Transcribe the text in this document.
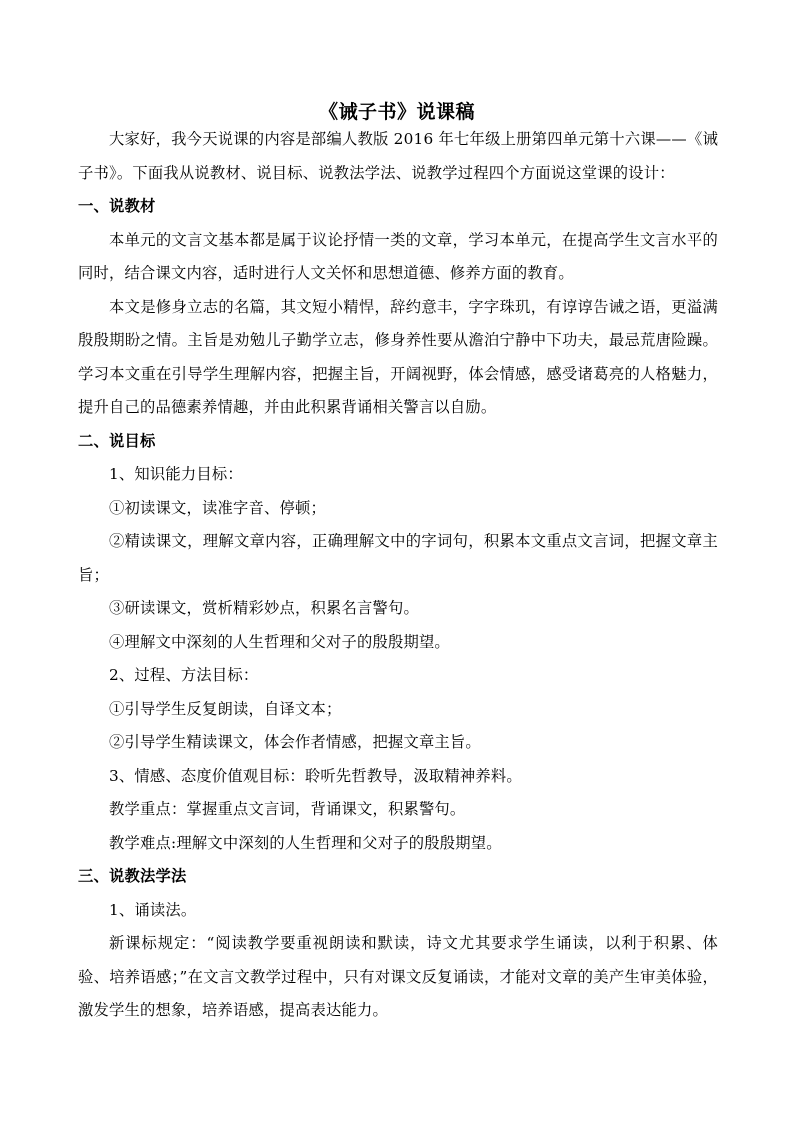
《诫子书》说课稿

大家好，我今天说课的内容是部编人教版 2016 年七年级上册第四单元第十六课——《诫子书》。下面我从说教材、说目标、说教法学法、说教学过程四个方面说这堂课的设计：

一、说教材

本单元的文言文基本都是属于议论抒情一类的文章，学习本单元，在提高学生文言水平的同时，结合课文内容，适时进行人文关怀和思想道德、修养方面的教育。

本文是修身立志的名篇，其文短小精悍，辞约意丰，字字珠玑，有谆谆告诫之语，更溢满殷殷期盼之情。主旨是劝勉儿子勤学立志，修身养性要从澹泊宁静中下功夫，最忌荒唐险躁。学习本文重在引导学生理解内容，把握主旨，开阔视野，体会情感，感受诸葛亮的人格魅力，提升自己的品德素养情趣，并由此积累背诵相关警言以自励。

二、说目标

1、知识能力目标：

①初读课文，读准字音、停顿；

②精读课文，理解文章内容，正确理解文中的字词句，积累本文重点文言词，把握文章主旨；

③研读课文，赏析精彩妙点，积累名言警句。

④理解文中深刻的人生哲理和父对子的殷殷期望。

2、过程、方法目标：

①引导学生反复朗读，自译文本；

②引导学生精读课文，体会作者情感，把握文章主旨。

3、情感、态度价值观目标：聆听先哲教导，汲取精神养料。

教学重点：掌握重点文言词，背诵课文，积累警句。

教学难点:理解文中深刻的人生哲理和父对子的殷殷期望。

三、说教法学法

1、诵读法。

新课标规定：“阅读教学要重视朗读和默读，诗文尤其要求学生诵读，以利于积累、体验、培养语感；”在文言文教学过程中，只有对课文反复诵读，才能对文章的美产生审美体验，激发学生的想象，培养语感，提高表达能力。
